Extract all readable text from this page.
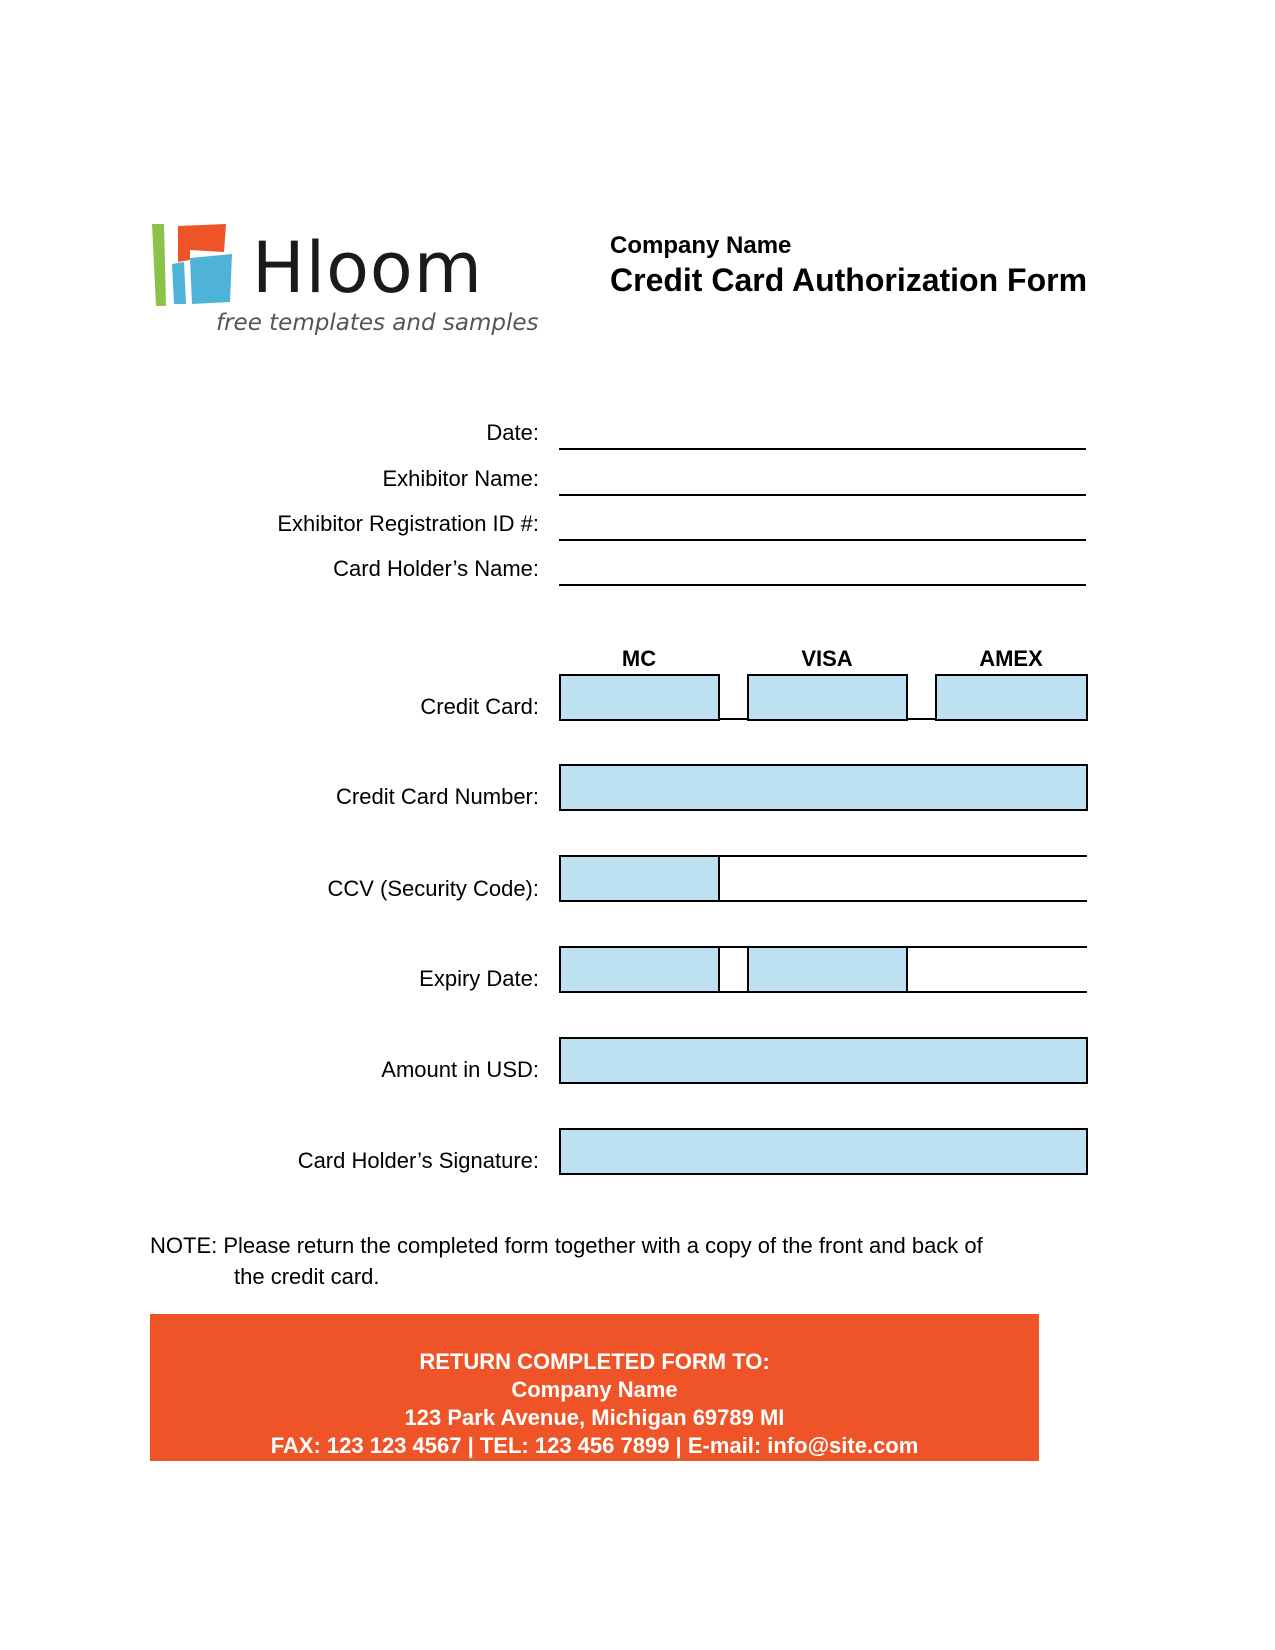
Hloom
free templates and samples
Company Name
Credit Card Authorization Form
Date:
Exhibitor Name:
Exhibitor Registration ID #:
Card Holder’s Name:
MC	VISA	AMEX
Credit Card:
Credit Card Number:
CCV (Security Code):
Expiry Date:
Amount in USD:
Card Holder’s Signature:
NOTE: Please return the completed form together with a copy of the front and back of
the credit card.
RETURN COMPLETED FORM TO:
Company Name
123 Park Avenue, Michigan 69789 MI
FAX: 123 123 4567 | TEL: 123 456 7899 | E-mail: info@site.com
